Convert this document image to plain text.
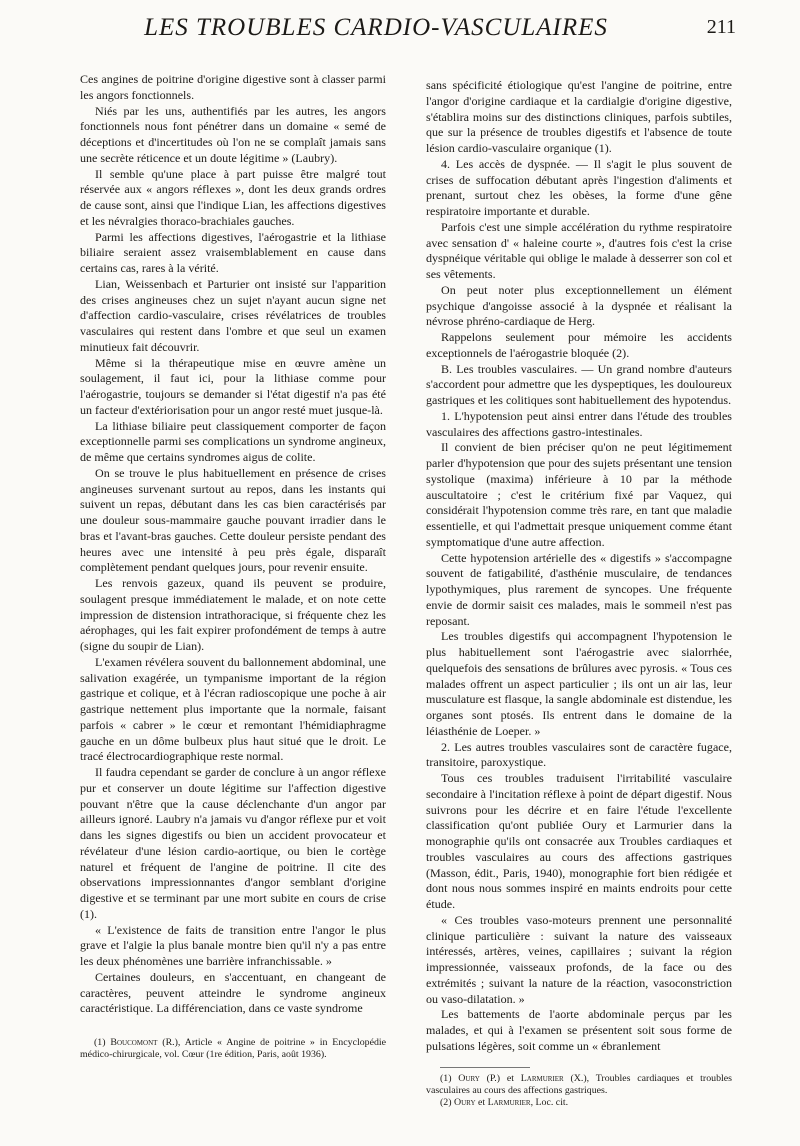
LES TROUBLES CARDIO-VASCULAIRES	211

Ces angines de poitrine d'origine digestive sont à classer parmi les angors fonctionnels.

Niés par les uns, authentifiés par les autres, les angors fonctionnels nous font pénétrer dans un domaine « semé de déceptions et d'incertitudes où l'on ne se complaît jamais sans une secrète réticence et un doute légitime » (Laubry).

Il semble qu'une place à part puisse être malgré tout réservée aux « angors réflexes », dont les deux grands ordres de cause sont, ainsi que l'indique Lian, les affections digestives et les névralgies thoraco-brachiales gauches.

Parmi les affections digestives, l'aérogastrie et la lithiase biliaire seraient assez vraisemblablement en cause dans certains cas, rares à la vérité.

Lian, Weissenbach et Parturier ont insisté sur l'apparition des crises angineuses chez un sujet n'ayant aucun signe net d'affection cardio-vasculaire, crises révélatrices de troubles vasculaires qui restent dans l'ombre et que seul un examen minutieux fait découvrir.

Même si la thérapeutique mise en œuvre amène un soulagement, il faut ici, pour la lithiase comme pour l'aérogastrie, toujours se demander si l'état digestif n'a pas été un facteur d'extériorisation pour un angor resté muet jusque-là.

La lithiase biliaire peut classiquement comporter de façon exceptionnelle parmi ses complications un syndrome angineux, de même que certains syndromes aigus de colite.

On se trouve le plus habituellement en présence de crises angineuses survenant surtout au repos, dans les instants qui suivent un repas, débutant dans les cas bien caractérisés par une douleur sous-mammaire gauche pouvant irradier dans le bras et l'avant-bras gauches. Cette douleur persiste pendant des heures avec une intensité à peu près égale, disparaît complètement pendant quelques jours, pour revenir ensuite.

Les renvois gazeux, quand ils peuvent se produire, soulagent presque immédiatement le malade, et on note cette impression de distension intrathoracique, si fréquente chez les aérophages, qui les fait expirer profondément de temps à autre (signe du soupir de Lian).

L'examen révélera souvent du ballonnement abdominal, une salivation exagérée, un tympanisme important de la région gastrique et colique, et à l'écran radioscopique une poche à air gastrique nettement plus importante que la normale, faisant parfois « cabrer » le cœur et remontant l'hémidiaphragme gauche en un dôme bulbeux plus haut situé que le droit. Le tracé électrocardiographique reste normal.

Il faudra cependant se garder de conclure à un angor réflexe pur et conserver un doute légitime sur l'affection digestive pouvant n'être que la cause déclenchante d'un angor par ailleurs ignoré. Laubry n'a jamais vu d'angor réflexe pur et voit dans les signes digestifs ou bien un accident provocateur et révélateur d'une lésion cardio-aortique, ou bien le cortège naturel et fréquent de l'angine de poitrine. Il cite des observations impressionnantes d'angor semblant d'origine digestive et se terminant par une mort subite en cours de crise (1).

« L'existence de faits de transition entre l'angor le plus grave et l'algie la plus banale montre bien qu'il n'y a pas entre les deux phénomènes une barrière infranchissable. »

Certaines douleurs, en s'accentuant, en changeant de caractères, peuvent atteindre le syndrome angineux caractéristique. La différenciation, dans ce vaste syndrome

(1) Boucomont (R.), Article « Angine de poitrine » in Encyclopédie médico-chirurgicale, vol. Cœur (1re édition, Paris, août 1936).

sans spécificité étiologique qu'est l'angine de poitrine, entre l'angor d'origine cardiaque et la cardialgie d'origine digestive, s'établira moins sur des distinctions cliniques, parfois subtiles, que sur la présence de troubles digestifs et l'absence de toute lésion cardio-vasculaire organique (1).

4. Les accès de dyspnée. — Il s'agit le plus souvent de crises de suffocation débutant après l'ingestion d'aliments et prenant, surtout chez les obèses, la forme d'une gêne respiratoire importante et durable.

Parfois c'est une simple accélération du rythme respiratoire avec sensation d' « haleine courte », d'autres fois c'est la crise dyspnéique véritable qui oblige le malade à desserrer son col et ses vêtements.

On peut noter plus exceptionnellement un élément psychique d'angoisse associé à la dyspnée et réalisant la névrose phréno-cardiaque de Herg.

Rappelons seulement pour mémoire les accidents exceptionnels de l'aérogastrie bloquée (2).

B. Les troubles vasculaires. — Un grand nombre d'auteurs s'accordent pour admettre que les dyspeptiques, les douloureux gastriques et les colitiques sont habituellement des hypotendus.

1. L'hypotension peut ainsi entrer dans l'étude des troubles vasculaires des affections gastro-intestinales.

Il convient de bien préciser qu'on ne peut légitimement parler d'hypotension que pour des sujets présentant une tension systolique (maxima) inférieure à 10 par la méthode auscultatoire ; c'est le critérium fixé par Vaquez, qui considérait l'hypotension comme très rare, en tant que maladie essentielle, et qui l'admettait presque uniquement comme étant symptomatique d'une autre affection.

Cette hypotension artérielle des « digestifs » s'accompagne souvent de fatigabilité, d'asthénie musculaire, de tendances lypothymiques, plus rarement de syncopes. Une fréquente envie de dormir saisit ces malades, mais le sommeil n'est pas reposant.

Les troubles digestifs qui accompagnent l'hypotension le plus habituellement sont l'aérogastrie avec sialorrhée, quelquefois des sensations de brûlures avec pyrosis. « Tous ces malades offrent un aspect particulier ; ils ont un air las, leur musculature est flasque, la sangle abdominale est distendue, les organes sont ptosés. Ils entrent dans le domaine de la léiasthénie de Loeper. »

2. Les autres troubles vasculaires sont de caractère fugace, transitoire, paroxystique.

Tous ces troubles traduisent l'irritabilité vasculaire secondaire à l'incitation réflexe à point de départ digestif. Nous suivrons pour les décrire et en faire l'étude l'excellente classification qu'ont publiée Oury et Larmurier dans la monographie qu'ils ont consacrée aux Troubles cardiaques et troubles vasculaires au cours des affections gastriques (Masson, édit., Paris, 1940), monographie fort bien rédigée et dont nous nous sommes inspiré en maints endroits pour cette étude.

« Ces troubles vaso-moteurs prennent une personnalité clinique particulière : suivant la nature des vaisseaux intéressés, artères, veines, capillaires ; suivant la région impressionnée, vaisseaux profonds, de la face ou des extrémités ; suivant la nature de la réaction, vasoconstriction ou vaso-dilatation. »

Les battements de l'aorte abdominale perçus par les malades, et qui à l'examen se présentent soit sous forme de pulsations légères, soit comme un « ébranlement

(1) Oury (P.) et Larmurier (X.), Troubles cardiaques et troubles vasculaires au cours des affections gastriques.

(2) Oury et Larmurier, Loc. cit.
